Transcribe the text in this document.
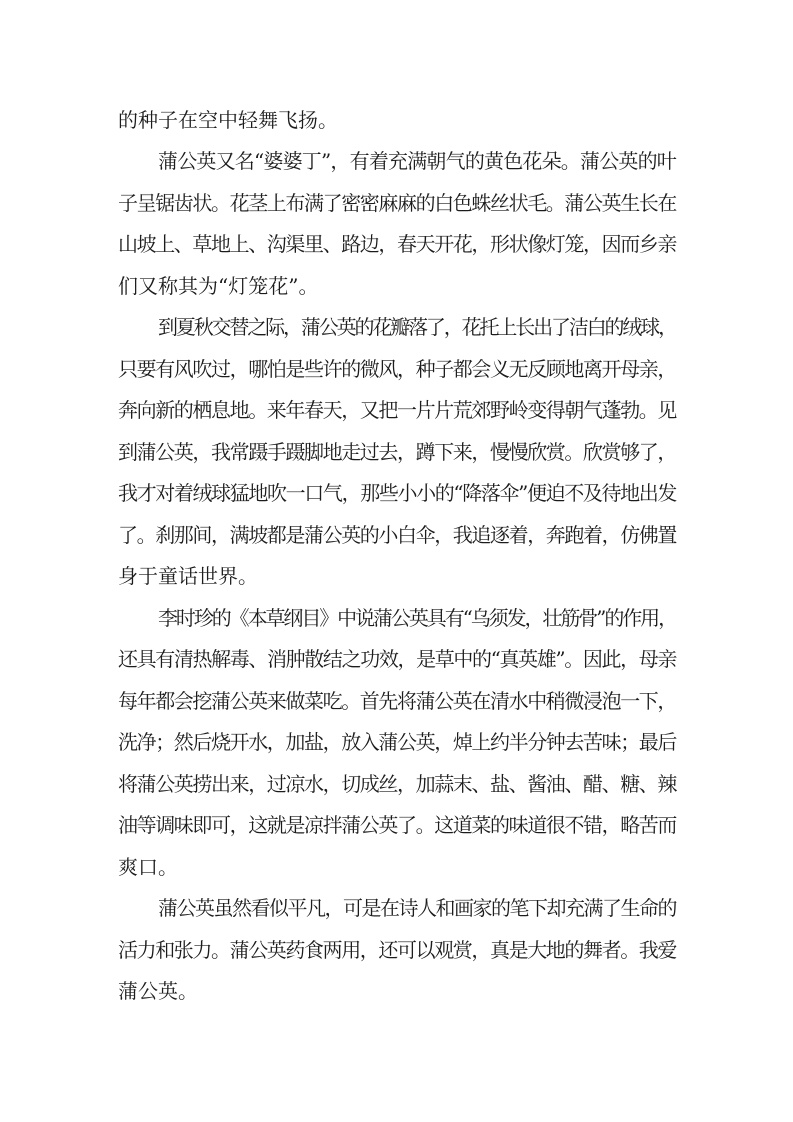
的种子在空中轻舞飞扬。
蒲公英又名“婆婆丁”，有着充满朝气的黄色花朵。蒲公英的叶
子呈锯齿状。花茎上布满了密密麻麻的白色蛛丝状毛。蒲公英生长在
山坡上、草地上、沟渠里、路边，春天开花，形状像灯笼，因而乡亲
们又称其为“灯笼花”。
到夏秋交替之际，蒲公英的花瓣落了，花托上长出了洁白的绒球，
只要有风吹过，哪怕是些许的微风，种子都会义无反顾地离开母亲，
奔向新的栖息地。来年春天，又把一片片荒郊野岭变得朝气蓬勃。见
到蒲公英，我常蹑手蹑脚地走过去，蹲下来，慢慢欣赏。欣赏够了，
我才对着绒球猛地吹一口气，那些小小的“降落伞”便迫不及待地出发
了。刹那间，满坡都是蒲公英的小白伞，我追逐着，奔跑着，仿佛置
身于童话世界。
李时珍的《本草纲目》中说蒲公英具有“乌须发，壮筋骨”的作用，
还具有清热解毒、消肿散结之功效，是草中的“真英雄”。因此，母亲
每年都会挖蒲公英来做菜吃。首先将蒲公英在清水中稍微浸泡一下，
洗净；然后烧开水，加盐，放入蒲公英，焯上约半分钟去苦味；最后
将蒲公英捞出来，过凉水，切成丝，加蒜末、盐、酱油、醋、糖、辣
油等调味即可，这就是凉拌蒲公英了。这道菜的味道很不错，略苦而
爽口。
蒲公英虽然看似平凡，可是在诗人和画家的笔下却充满了生命的
活力和张力。蒲公英药食两用，还可以观赏，真是大地的舞者。我爱
蒲公英。
